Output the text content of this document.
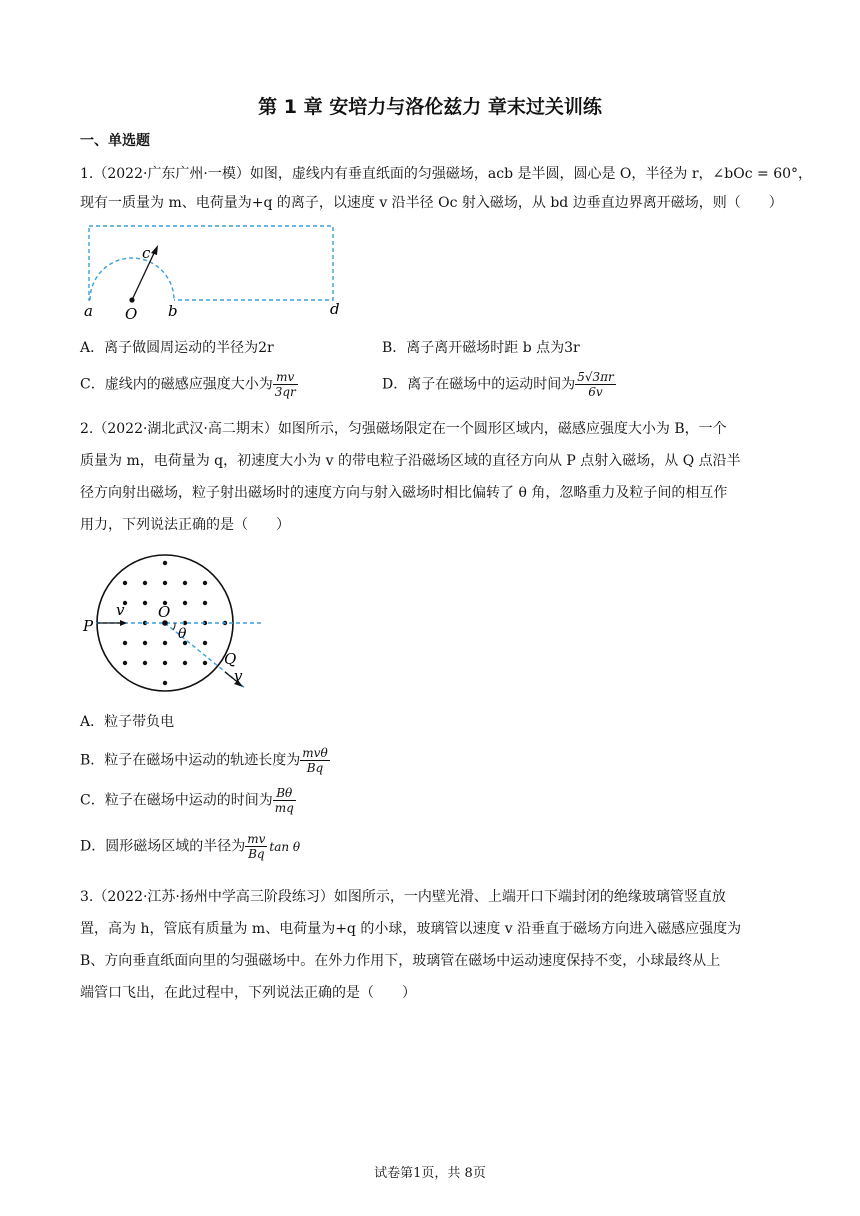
第 1 章 安培力与洛伦兹力 章末过关训练
一、单选题
1.（2022·广东广州·一模）如图，虚线内有垂直纸面的匀强磁场，acb 是半圆，圆心是 O，半径为 r，∠bOc = 60°，
现有一质量为 m、电荷量为+q 的离子，以速度 v 沿半径 Oc 射入磁场，从 bd 边垂直边界离开磁场，则（　　）
c
a O b	d
A．离子做圆周运动的半径为2r	B．离子离开磁场时距 b 点为3r
C．虚线内的磁感应强度大小为 $\frac{mv}{3qr}$	D．离子在磁场中的运动时间为 $\frac{5√3\pi r}{6v}$
2.（2022·湖北武汉·高二期末）如图所示，匀强磁场限定在一个圆形区域内，磁感应强度大小为 B，一个
质量为 m，电荷量为 q，初速度大小为 v 的带电粒子沿磁场区域的直径方向从 P 点射入磁场，从 Q 点沿半
径方向射出磁场，粒子射出磁场时的速度方向与射入磁场时相比偏转了 θ 角，忽略重力及粒子间的相互作
用力，下列说法正确的是（　　）
P
v O
θ
Q
v
A．粒子带负电
B．粒子在磁场中运动的轨迹长度为 $\frac{\text{mvθ}}{Bq}$
C．粒子在磁场中运动的时间为 $\frac{B\theta}{mq}$
D．圆形磁场区域的半径为 $\frac{mv}{Bq}$ tan θ
3.（2022·江苏·扬州中学高三阶段练习）如图所示，一内壁光滑、上端开口下端封闭的绝缘玻璃管竖直放
置，高为 h，管底有质量为 m、电荷量为+q 的小球，玻璃管以速度 v 沿垂直于磁场方向进入磁感应强度为
B、方向垂直纸面向里的匀强磁场中。在外力作用下，玻璃管在磁场中运动速度保持不变，小球最终从上
端管口飞出，在此过程中，下列说法正确的是（　　）
试卷第1页，共 8页
